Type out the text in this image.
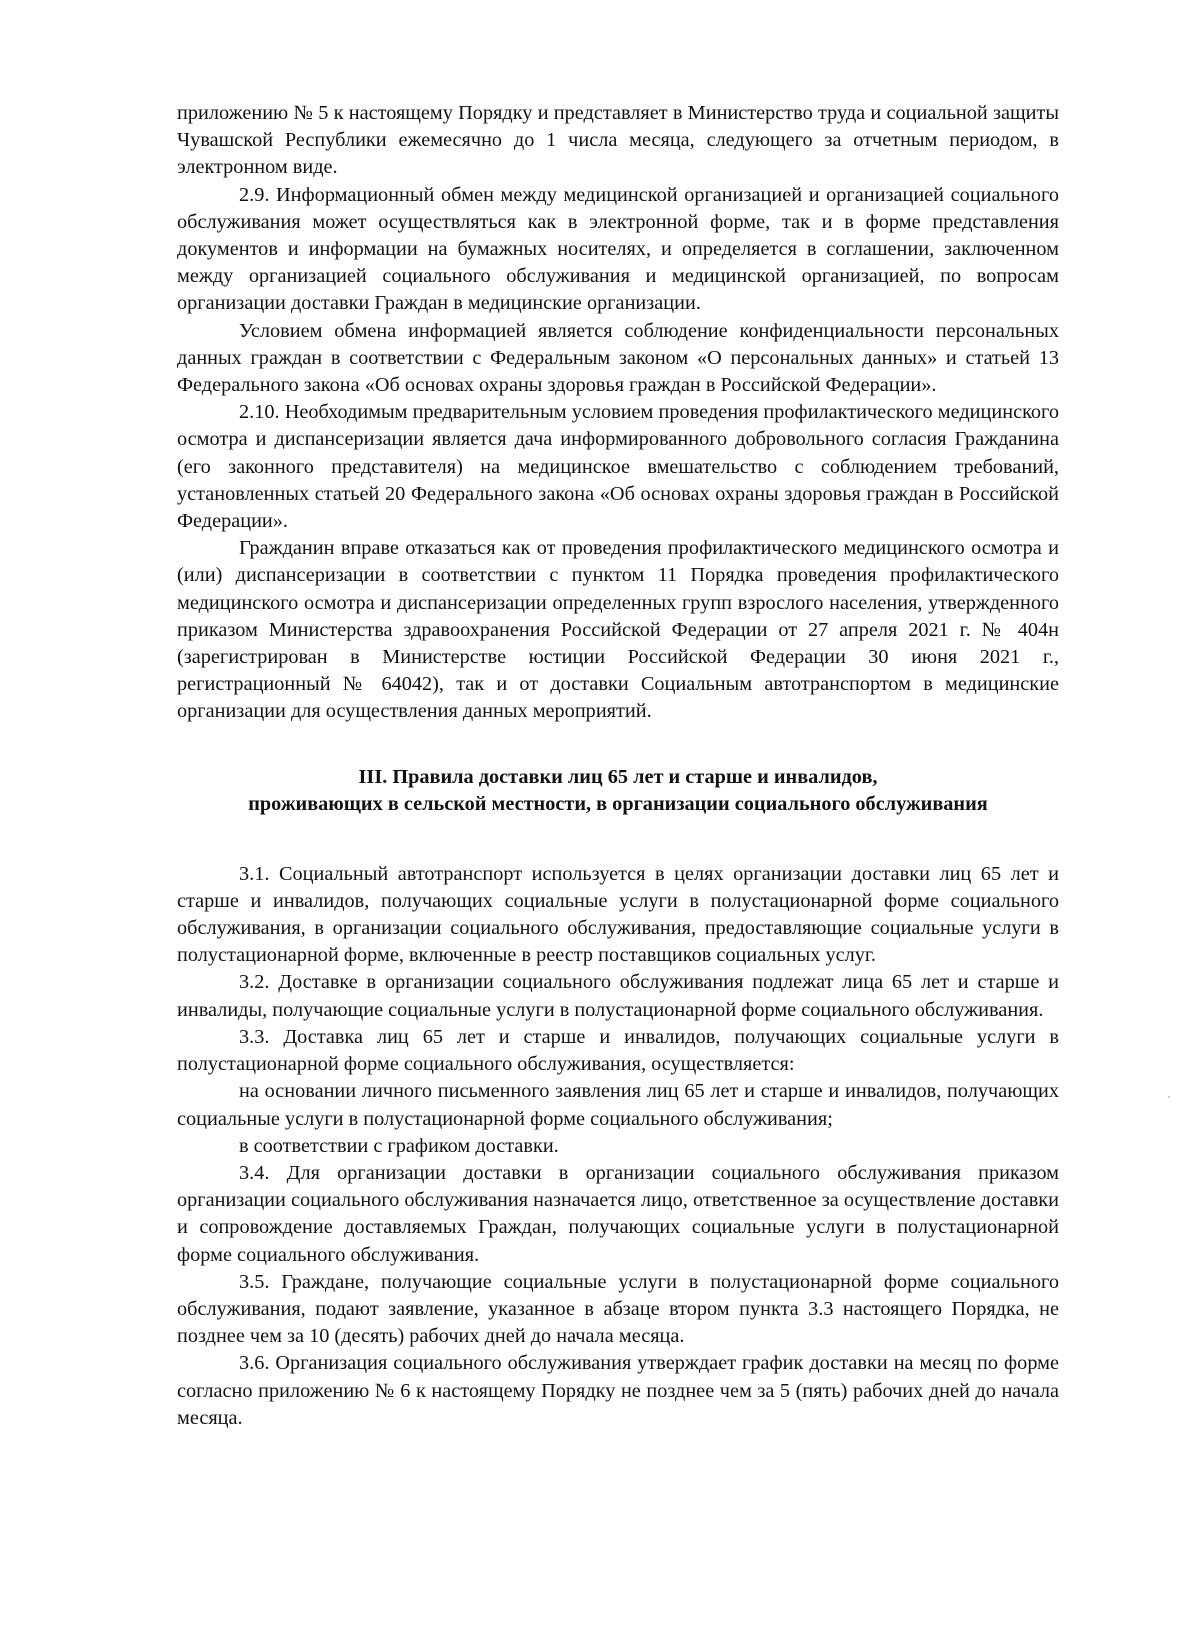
приложению № 5 к настоящему Порядку и представляет в Министерство труда и социальной защиты Чувашской Республики ежемесячно до 1 числа месяца, следующего за отчетным периодом, в электронном виде.

2.9. Информационный обмен между медицинской организацией и организацией социального обслуживания может осуществляться как в электронной форме, так и в форме представления документов и информации на бумажных носителях, и определяется в соглашении, заключенном между организацией социального обслуживания и медицинской организацией, по вопросам организации доставки Граждан в медицинские организации.

Условием обмена информацией является соблюдение конфиденциальности персональных данных граждан в соответствии с Федеральным законом «О персональных данных» и статьей 13 Федерального закона «Об основах охраны здоровья граждан в Российской Федерации».

2.10. Необходимым предварительным условием проведения профилактического медицинского осмотра и диспансеризации является дача информированного добровольного согласия Гражданина (его законного представителя) на медицинское вмешательство с соблюдением требований, установленных статьей 20 Федерального закона «Об основах охраны здоровья граждан в Российской Федерации».

Гражданин вправе отказаться как от проведения профилактического медицинского осмотра и (или) диспансеризации в соответствии с пунктом 11 Порядка проведения профилактического медицинского осмотра и диспансеризации определенных групп взрослого населения, утвержденного приказом Министерства здравоохранения Российской Федерации от 27 апреля 2021 г. № 404н (зарегистрирован в Министерстве юстиции Российской Федерации 30 июня 2021 г., регистрационный № 64042), так и от доставки Социальным автотранспортом в медицинские организации для осуществления данных мероприятий.

III. Правила доставки лиц 65 лет и старше и инвалидов,
проживающих в сельской местности, в организации социального обслуживания

3.1. Социальный автотранспорт используется в целях организации доставки лиц 65 лет и старше и инвалидов, получающих социальные услуги в полустационарной форме социального обслуживания, в организации социального обслуживания, предоставляющие социальные услуги в полустационарной форме, включенные в реестр поставщиков социальных услуг.

3.2. Доставке в организации социального обслуживания подлежат лица 65 лет и старше и инвалиды, получающие социальные услуги в полустационарной форме социального обслуживания.

3.3. Доставка лиц 65 лет и старше и инвалидов, получающих социальные услуги в полустационарной форме социального обслуживания, осуществляется:

на основании личного письменного заявления лиц 65 лет и старше и инвалидов, получающих социальные услуги в полустационарной форме социального обслуживания;

в соответствии с графиком доставки.

3.4. Для организации доставки в организации социального обслуживания приказом организации социального обслуживания назначается лицо, ответственное за осуществление доставки и сопровождение доставляемых Граждан, получающих социальные услуги в полустационарной форме социального обслуживания.

3.5. Граждане, получающие социальные услуги в полустационарной форме социального обслуживания, подают заявление, указанное в абзаце втором пункта 3.3 настоящего Порядка, не позднее чем за 10 (десять) рабочих дней до начала месяца.

3.6. Организация социального обслуживания утверждает график доставки на месяц по форме согласно приложению № 6 к настоящему Порядку не позднее чем за 5 (пять) рабочих дней до начала месяца.
